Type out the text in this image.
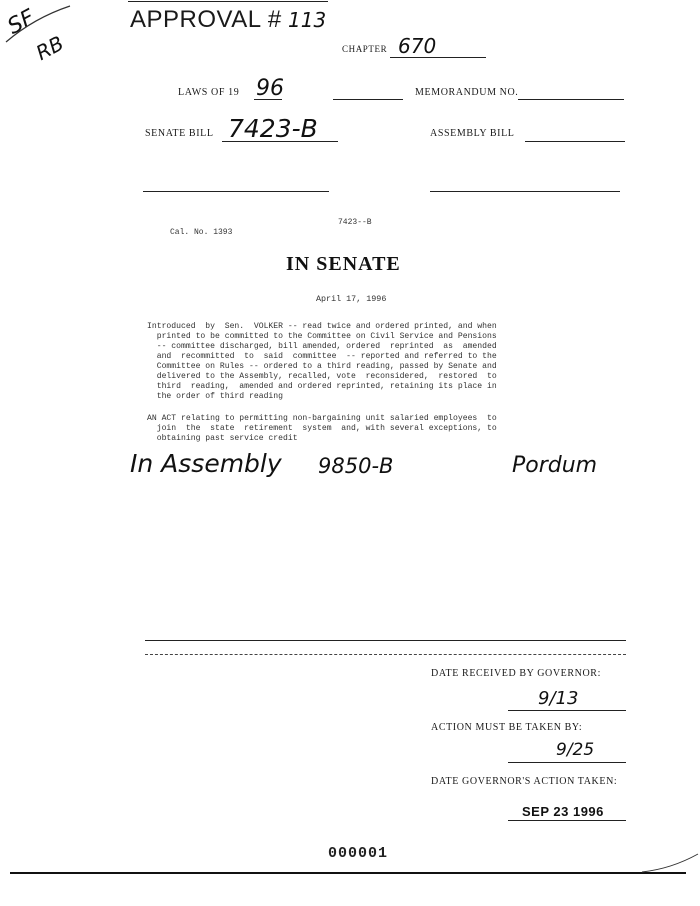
SF
RB
APPROVAL # 113
CHAPTER 670
LAWS OF 19 96	MEMORANDUM NO.
SENATE BILL 7423-B	ASSEMBLY BILL
7423--B
Cal. No. 1393
IN SENATE
April 17, 1996
Introduced  by  Sen.  VOLKER -- read twice and ordered printed, and when
printed to be committed to the Committee on Civil Service and Pensions
-- committee discharged, bill amended, ordered  reprinted  as  amended
and  recommitted  to  said  committee  -- reported and referred to the
Committee on Rules -- ordered to a third reading, passed by Senate and
delivered to the Assembly, recalled, vote  reconsidered,  restored  to
third  reading,  amended and ordered reprinted, retaining its place in
the order of third reading
AN ACT relating to permitting non-bargaining unit salaried employees  to
join  the  state  retirement  system  and, with several exceptions, to
obtaining past service credit
In Assembly 9850-B	Pordum
DATE RECEIVED BY GOVERNOR:
9/13
ACTION MUST BE TAKEN BY:
9/25
DATE GOVERNOR'S ACTION TAKEN:
SEP 23 1996
000001
